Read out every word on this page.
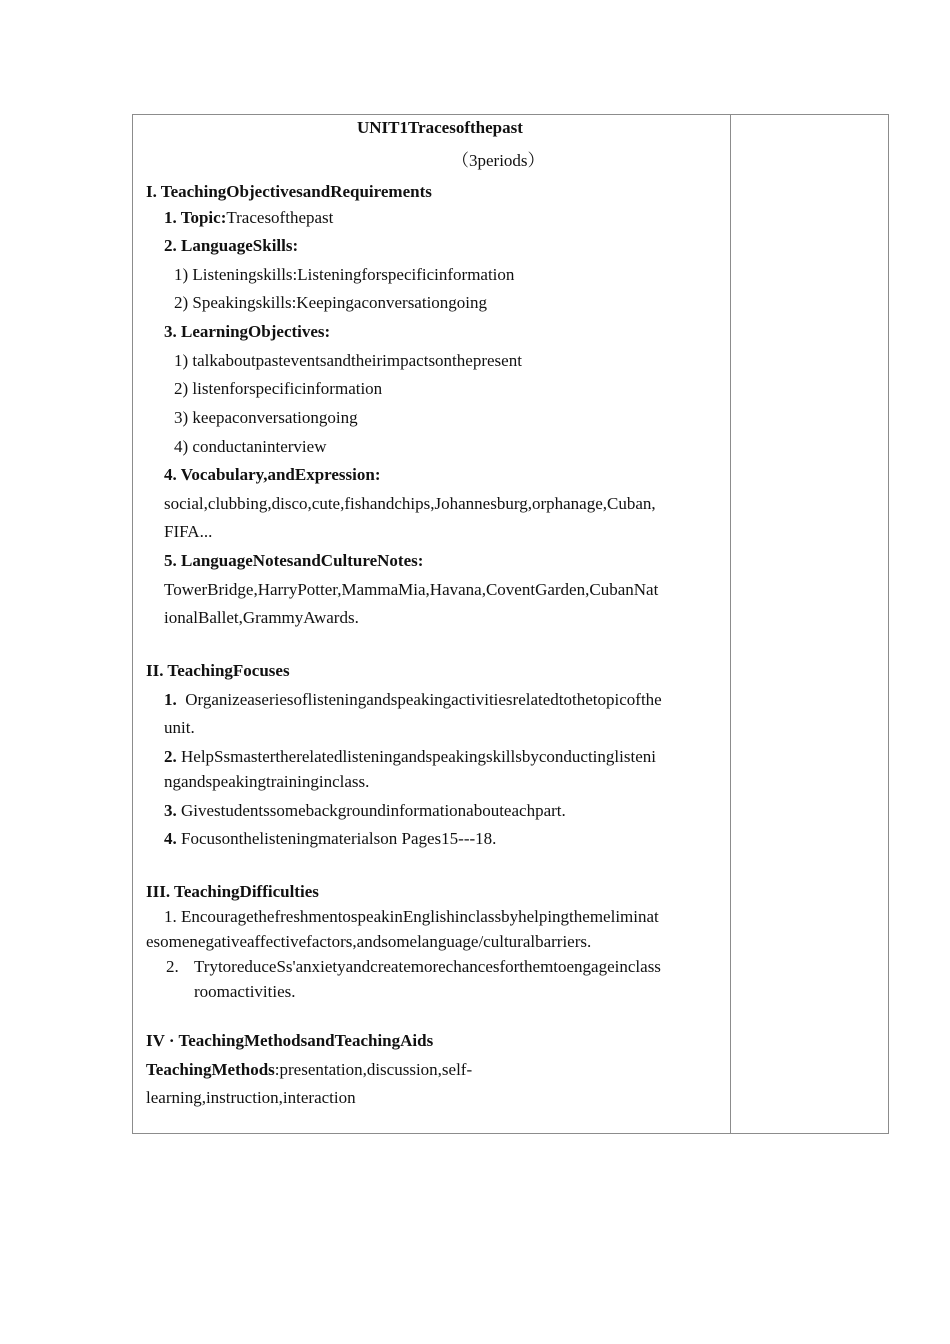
UNIT1Tracesofthepast
（3periods）
I. TeachingObjectivesandRequirements
1. Topic:Tracesofthepast
2. LanguageSkills:
1) Listeningskills:Listeningforspecificinformation
2) Speakingskills:Keepingaconversationgoing
3. LearningObjectives:
1) talkaboutpasteventsandtheirimpactsonthepresent
2) listenforspecificinformation
3) keepaconversationgoing
4) conductaninterview
4. Vocabulary,andExpression:
social,clubbing,disco,cute,fishandchips,Johannesburg,orphanage,Cuban,
FIFA...
5. LanguageNotesandCultureNotes:
TowerBridge,HarryPotter,MammaMia,Havana,CoventGarden,CubanNat
ionalBallet,GrammyAwards.
II. TeachingFocuses
1. Organizeaseriesoflisteningandspeakingactivitiesrelatedtothetopicofthe
unit.
2. HelpSsmastertherelatedlisteningandspeakingskillsbyconductinglisteni
ngandspeakingtraininginclass.
3. Givestudentssomebackgroundinformationabouteachpart.
4. Focusonthelisteningmaterialson Pages15---18.
III. TeachingDifficulties
1. EncouragethefreshmentospeakinEnglishinclassbyhelpingthemeliminat
esomenegativeaffectivefactors,andsomelanguage/culturalbarriers.
2. TrytoreduceSs'anxietyandcreatemorechancesforthemtoengageinclass
roomactivities.
IV · TeachingMethodsandTeachingAids
TeachingMethods:presentation,discussion,self-
learning,instruction,interaction
